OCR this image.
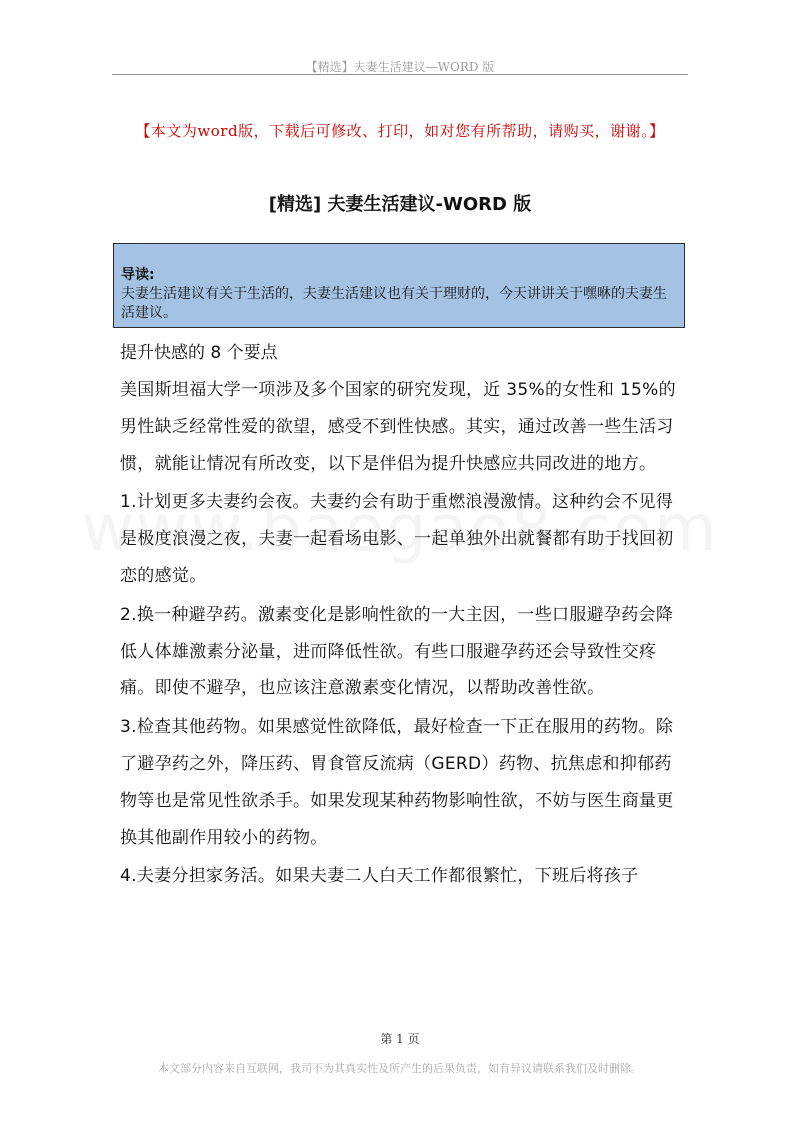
【精选】夫妻生活建议—WORD 版
【本文为word版，下载后可修改、打印，如对您有所帮助，请购买，谢谢。】
[精选] 夫妻生活建议-WORD 版
导读:
夫妻生活建议有关于生活的，夫妻生活建议也有关于理财的，今天讲讲关于嘿咻的夫妻生活建议。
提升快感的 8 个要点

美国斯坦福大学一项涉及多个国家的研究发现，近 35%的女性和 15%的男性缺乏经常性爱的欲望，感受不到性快感。其实，通过改善一些生活习惯，就能让情况有所改变，以下是伴侣为提升快感应共同改进的地方。

1.计划更多夫妻约会夜。夫妻约会有助于重燃浪漫激情。这种约会不见得是极度浪漫之夜，夫妻一起看场电影、一起单独外出就餐都有助于找回初恋的感觉。

2.换一种避孕药。激素变化是影响性欲的一大主因，一些口服避孕药会降低人体雄激素分泌量，进而降低性欲。有些口服避孕药还会导致性交疼痛。即使不避孕，也应该注意激素变化情况，以帮助改善性欲。

3.检查其他药物。如果感觉性欲降低，最好检查一下正在服用的药物。除了避孕药之外，降压药、胃食管反流病（GERD）药物、抗焦虑和抑郁药物等也是常见性欲杀手。如果发现某种药物影响性欲，不妨与医生商量更换其他副作用较小的药物。

4.夫妻分担家务活。如果夫妻二人白天工作都很繁忙，下班后将孩子

第 1 页
本文部分内容来自互联网，我司不为其真实性及所产生的后果负责，如有异议请联系我们及时删除。
